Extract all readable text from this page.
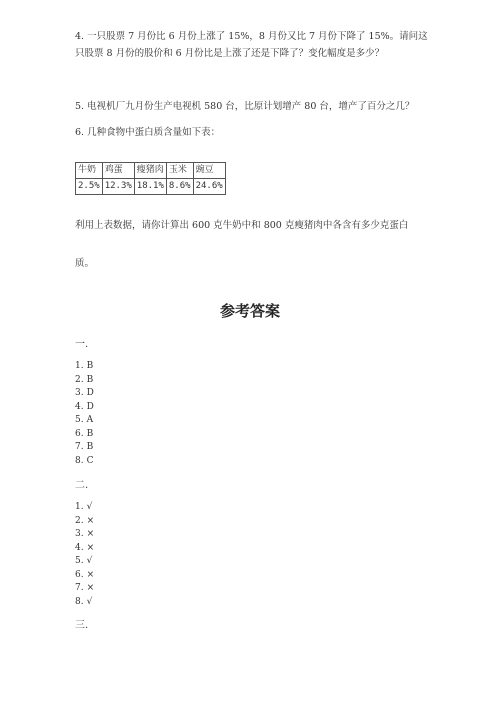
4. 一只股票 7 月份比 6 月份上涨了 15%，8 月份又比 7 月份下降了 15%。请问这

只股票 8 月份的股价和 6 月份比是上涨了还是下降了？变化幅度是多少？

5. 电视机厂九月份生产电视机 580 台，比原计划增产 80 台，增产了百分之几？

6. 几种食物中蛋白质含量如下表：

牛奶	鸡蛋	瘦猪肉	玉米	豌豆
2.5%	12.3%	18.1%	8.6%	24.6%

利用上表数据，请你计算出 600 克牛奶中和 800 克瘦猪肉中各含有多少克蛋白

质。

参考答案

一.

1. B
2. B
3. D
4. D
5. A
6. B
7. B
8. C

二.

1. √
2. ×
3. ×
4. ×
5. √
6. ×
7. ×
8. √

三.
